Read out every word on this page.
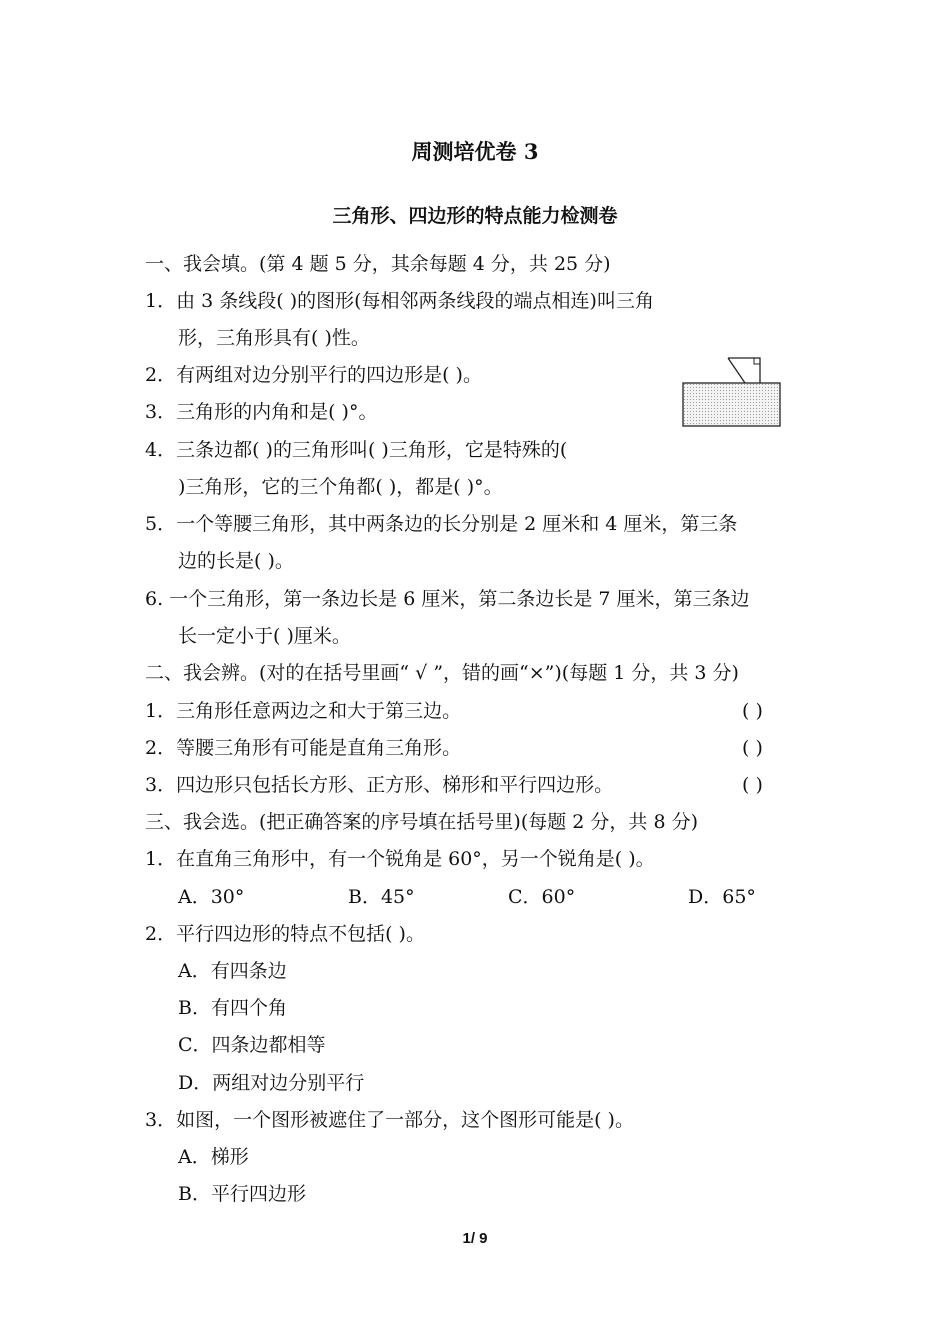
周测培优卷 3
三角形、四边形的特点能力检测卷
一、我会填。(第 4 题 5 分，其余每题 4 分，共 25 分)
1．由 3 条线段( )的图形(每相邻两条线段的端点相连)叫三角
形，三角形具有( )性。
2．有两组对边分别平行的四边形是( )。
3．三角形的内角和是( )°。
4．三条边都( )的三角形叫( )三角形，它是特殊的(
)三角形，它的三个角都( )，都是( )°。
5．一个等腰三角形，其中两条边的长分别是 2 厘米和 4 厘米，第三条
边的长是( )。
6. 一个三角形，第一条边长是 6 厘米，第二条边长是 7 厘米，第三条边
长一定小于( )厘米。
二、我会辨。(对的在括号里画“ √ ”，错的画“×”)(每题 1 分，共 3 分)
1．三角形任意两边之和大于第三边。	( )
2．等腰三角形有可能是直角三角形。	( )
3．四边形只包括长方形、正方形、梯形和平行四边形。	( )
三、我会选。(把正确答案的序号填在括号里)(每题 2 分，共 8 分)
1．在直角三角形中，有一个锐角是 60°，另一个锐角是( )。
A．30°	B．45°	C．60°	D．65°
2．平行四边形的特点不包括( )。
A．有四条边
B．有四个角
C．四条边都相等
D．两组对边分别平行
3．如图，一个图形被遮住了一部分，这个图形可能是( )。
A．梯形
B．平行四边形
1/ 9
